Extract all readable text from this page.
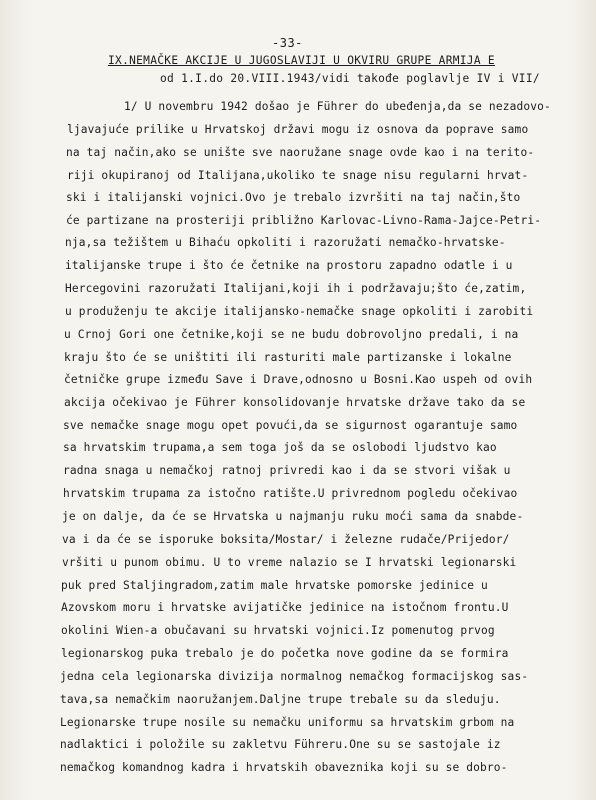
-33-
IX.NEMAČKE AKCIJE U JUGOSLAVIJI U OKVIRU GRUPE ARMIJA E
od 1.I.do 20.VIII.1943/vidi takođe poglavlje IV i VII/
1/ U novembru 1942 došao je Führer do ubeđenja,da se nezadovo-
ljavajuće prilike u Hrvatskoj državi mogu iz osnova da poprave samo
na taj način,ako se unište sve naoružane snage ovde kao i na terito-
riji okupiranoj od Italijana,ukoliko te snage nisu regularni hrvat-
ski i italijanski vojnici.Ovo je trebalo izvršiti na taj način,što
će partizane na prosteriji približno Karlovac-Livno-Rama-Jajce-Petri-
nja,sa težištem u Bihaću opkoliti i razoružati nemačko-hrvatske-
italijanske trupe i što će četnike na prostoru zapadno odatle i u
Hercegovini razoružati Italijani,koji ih i podržavaju;što će,zatim,
u produženju te akcije italijansko-nemačke snage opkoliti i zarobiti
u Crnoj Gori one četnike,koji se ne budu dobrovoljno predali, i na
kraju što će se uništiti ili rasturiti male partizanske i lokalne
četničke grupe između Save i Drave,odnosno u Bosni.Kao uspeh od ovih
akcija očekivao je Führer konsolidovanje hrvatske države tako da se
sve nemačke snage mogu opet povući,da se sigurnost ogarantuje samo
sa hrvatskim trupama,a sem toga još da se oslobodi ljudstvo kao
radna snaga u nemačkoj ratnoj privredi kao i da se stvori višak u
hrvatskim trupama za istočno ratište.U privrednom pogledu očekivao
je on dalje, da će se Hrvatska u najmanju ruku moći sama da snabde-
va i da će se isporuke boksita/Mostar/ i železne rudače/Prijedor/
vršiti u punom obimu. U to vreme nalazio se I hrvatski legionarski
puk pred Staljingradom,zatim male hrvatske pomorske jedinice u
Azovskom moru i hrvatske avijatičke jedinice na istočnom frontu.U
okolini Wien-a obučavani su hrvatski vojnici.Iz pomenutog prvog
legionarskog puka trebalo je do početka nove godine da se formira
jedna cela legionarska divizija normalnog nemačkog formacijskog sas-
tava,sa nemačkim naoružanjem.Daljne trupe trebale su da sleduju.
Legionarske trupe nosile su nemačku uniformu sa hrvatskim grbom na
nadlaktici i položile su zakletvu Führeru.One su se sastojale iz
nemačkog komandnog kadra i hrvatskih obaveznika koji su se dobro-
